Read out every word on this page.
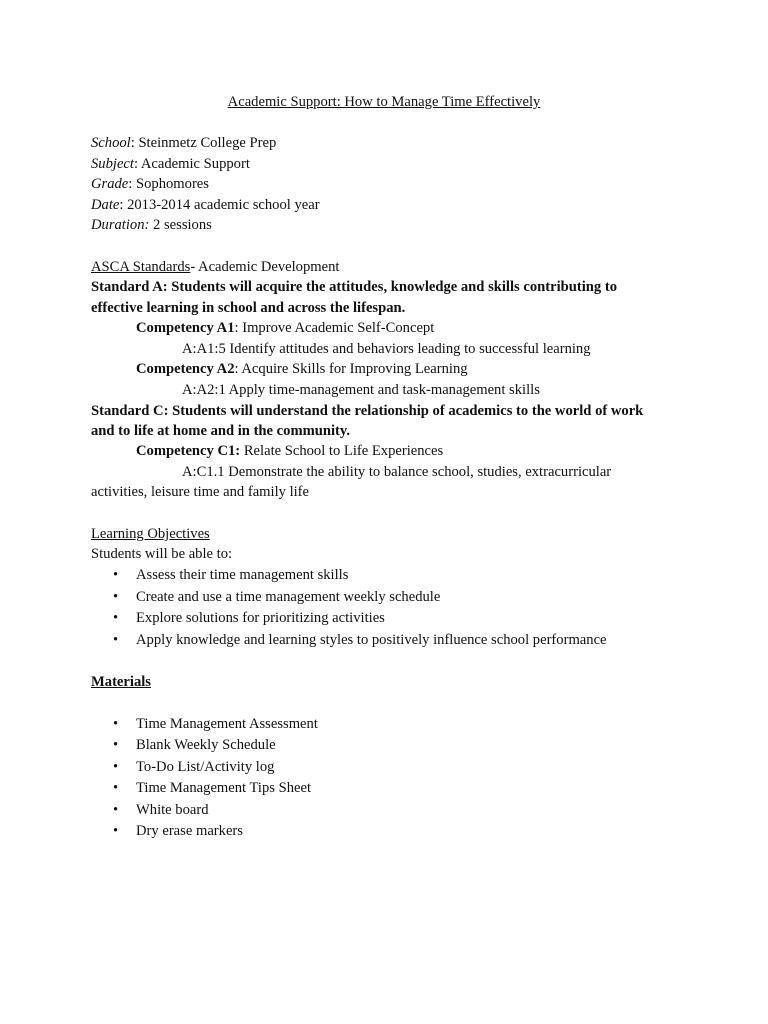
Academic Support: How to Manage Time Effectively
School: Steinmetz College Prep
Subject: Academic Support
Grade: Sophomores
Date: 2013-2014 academic school year
Duration: 2 sessions
ASCA Standards- Academic Development
Standard A: Students will acquire the attitudes, knowledge and skills contributing to
effective learning in school and across the lifespan.
Competency A1: Improve Academic Self-Concept
A:A1:5 Identify attitudes and behaviors leading to successful learning
Competency A2: Acquire Skills for Improving Learning
A:A2:1 Apply time-management and task-management skills
Standard C: Students will understand the relationship of academics to the world of work
and to life at home and in the community.
Competency C1: Relate School to Life Experiences
A:C1.1 Demonstrate the ability to balance school, studies, extracurricular
activities, leisure time and family life
Learning Objectives
Students will be able to:
•	Assess their time management skills
•	Create and use a time management weekly schedule
•	Explore solutions for prioritizing activities
•	Apply knowledge and learning styles to positively influence school performance
Materials
•	Time Management Assessment
•	Blank Weekly Schedule
•	To-Do List/Activity log
•	Time Management Tips Sheet
•	White board
•	Dry erase markers
